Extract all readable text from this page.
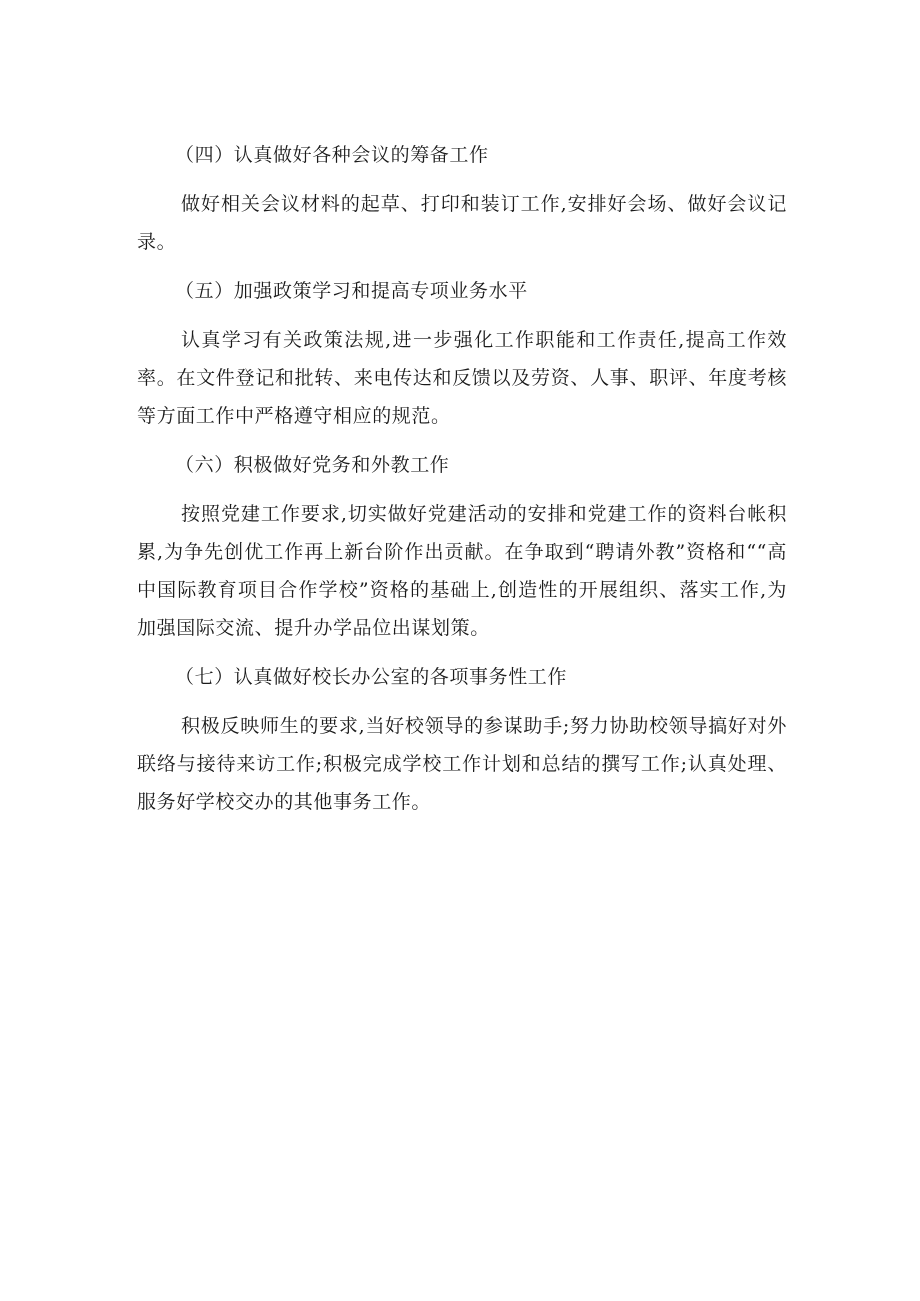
（四）认真做好各种会议的筹备工作

做好相关会议材料的起草、打印和装订工作,安排好会场、做好会议记录。

（五）加强政策学习和提高专项业务水平

认真学习有关政策法规,进一步强化工作职能和工作责任,提高工作效率。在文件登记和批转、来电传达和反馈以及劳资、人事、职评、年度考核等方面工作中严格遵守相应的规范。

（六）积极做好党务和外教工作

按照党建工作要求,切实做好党建活动的安排和党建工作的资料台帐积累,为争先创优工作再上新台阶作出贡献。在争取到“聘请外教”资格和““高中国际教育项目合作学校”资格的基础上,创造性的开展组织、落实工作,为加强国际交流、提升办学品位出谋划策。

（七）认真做好校长办公室的各项事务性工作

积极反映师生的要求,当好校领导的参谋助手;努力协助校领导搞好对外联络与接待来访工作;积极完成学校工作计划和总结的撰写工作;认真处理、服务好学校交办的其他事务工作。
